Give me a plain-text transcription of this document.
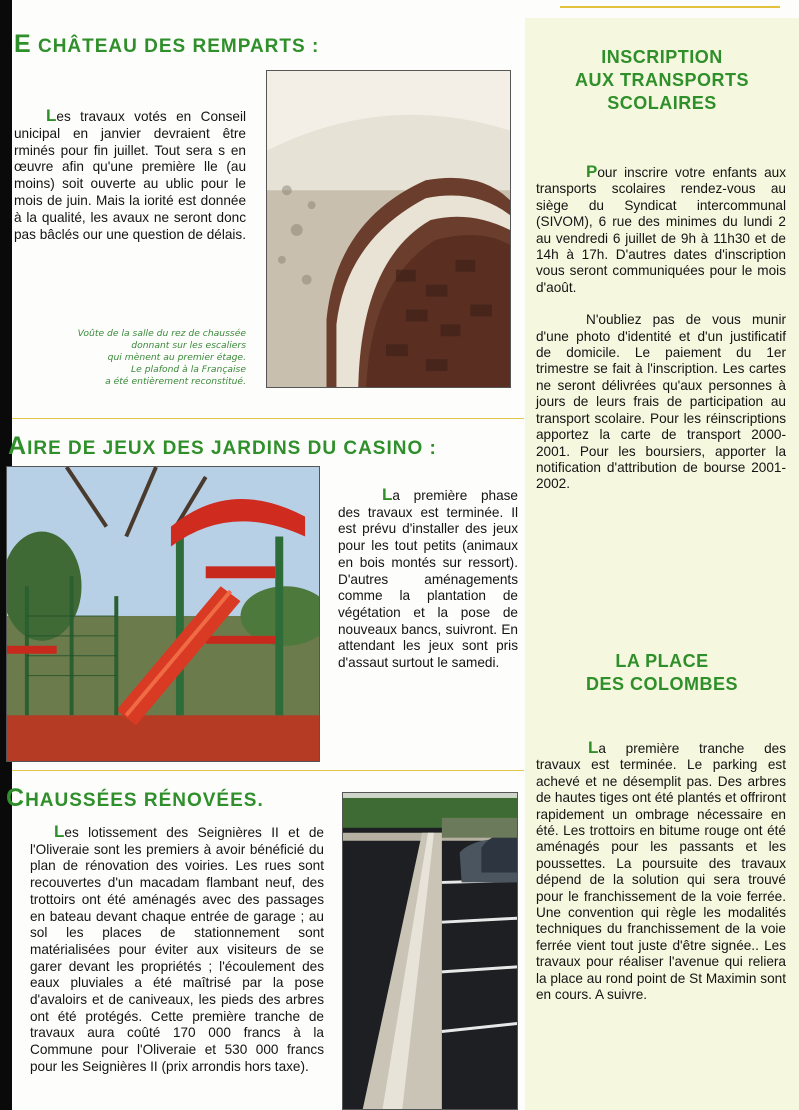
E CHÂTEAU DES REMPARTS :
Les travaux votés en Conseil unicipal en janvier devraient être rminés pour fin juillet. Tout sera s en œuvre afin qu'une première lle (au moins) soit ouverte au ublic pour le mois de juin. Mais la iorité est donnée à la qualité, les avaux ne seront donc pas bâclés our une question de délais.
Voûte de la salle du rez de chaussée
donnant sur les escaliers
qui mènent au premier étage.
Le plafond à la Française
a été entièrement reconstitué.
AIRE DE JEUX DES JARDINS DU CASINO :
La première phase des travaux est terminée. Il est prévu d'installer des jeux pour les tout petits (animaux en bois montés sur ressort). D'autres aménagements comme la plantation de végétation et la pose de nouveaux bancs, suivront. En attendant les jeux sont pris d'assaut surtout le samedi.
CHAUSSÉES RÉNOVÉES.
Les lotissement des Seignières II et de l'Oliveraie sont les premiers à avoir bénéficié du plan de rénovation des voiries. Les rues sont recouvertes d'un macadam flambant neuf, des trottoirs ont été aménagés avec des passages en bateau devant chaque entrée de garage ; au sol les places de stationnement sont matérialisées pour éviter aux visiteurs de se garer devant les propriétés ; l'écoulement des eaux pluviales a été maîtrisé par la pose d'avaloirs et de caniveaux, les pieds des arbres ont été protégés. Cette première tranche de travaux aura coûté 170 000 francs à la Commune pour l'Oliveraie et 530 000 francs pour les Seignières II (prix arrondis hors taxe).
INSCRIPTION
AUX TRANSPORTS
SCOLAIRES

Pour inscrire votre enfants aux transports scolaires rendez-vous au siège du Syndicat intercommunal (SIVOM), 6 rue des minimes du lundi 2 au vendredi 6 juillet de 9h à 11h30 et de 14h à 17h. D'autres dates d'inscription vous seront communiquées pour le mois d'août.

N'oubliez pas de vous munir d'une photo d'identité et d'un justificatif de domicile. Le paiement du 1er trimestre se fait à l'inscription. Les cartes ne seront délivrées qu'aux personnes à jours de leurs frais de participation au transport scolaire. Pour les réinscriptions apportez la carte de transport 2000-2001. Pour les boursiers, apporter la notification d'attribution de bourse 2001- 2002.

LA PLACE
DES COLOMBES

La première tranche des travaux est terminée. Le parking est achevé et ne désemplit pas. Des arbres de hautes tiges ont été plantés et offriront rapidement un ombrage nécessaire en été. Les trottoirs en bitume rouge ont été aménagés pour les passants et les poussettes. La poursuite des travaux dépend de la solution qui sera trouvé pour le franchissement de la voie ferrée. Une convention qui règle les modalités techniques du franchissement de la voie ferrée vient tout juste d'être signée.. Les travaux pour réaliser l'avenue qui reliera la place au rond point de St Maximin sont en cours. A suivre.
